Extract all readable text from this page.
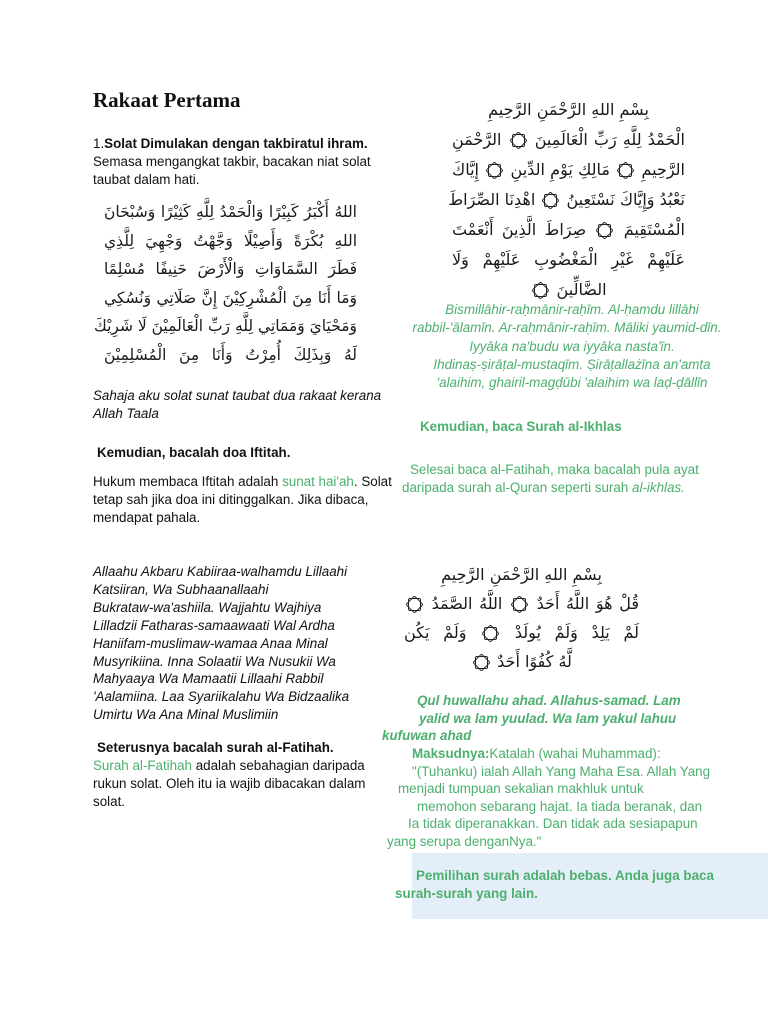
Rakaat Pertama
1.Solat Dimulakan dengan takbiratul ihram. Semasa mengangkat takbir, bacakan niat solat taubat dalam hati.
اللهُ أَكْبَرُ كَبِيْرًا وَالْحَمْدُ لِلَّهِ كَثِيْرًا وَسُبْحَانَ
اللهِ بُكْرَةً وَأَصِيْلًا وَجَّهْتُ وَجْهِيَ لِلَّذِي
فَطَرَ السَّمَاوَاتِ وَالْأَرْضَ حَنِيفًا مُسْلِمًا
وَمَا أَنَا مِنَ الْمُشْرِكِيْنَ إِنَّ صَلَاتِي وَنُسُكِي
وَمَحْيَايَ وَمَمَاتِي لِلَّهِ رَبِّ الْعَالَمِيْنَ لَا شَرِيْكَ
لَهُ وَبِذَلِكَ أُمِرْتُ وَأَنَا مِنَ الْمُسْلِمِيْنَ
Sahaja aku solat sunat taubat dua rakaat kerana Allah Taala
Kemudian, bacalah doa Iftitah.
Hukum membaca Iftitah adalah sunat hai'ah. Solat tetap sah jika doa ini ditinggalkan. Jika dibaca, mendapat pahala.
Allaahu Akbaru Kabiiraa-walhamdu Lillaahi
Katsiiran, Wa Subhaanallaahi
Bukrataw-wa'ashiila. Wajjahtu Wajhiya
Lilladzii Fatharas-samaawaati Wal Ardha
Haniifam-muslimaw-wamaa Anaa Minal
Musyrikiina. Inna Solaatii Wa Nusukii Wa
Mahyaaya Wa Mamaatii Lillaahi Rabbil
'Aalamiina. Laa Syariikalahu Wa Bidzaalika
Umirtu Wa Ana Minal Muslimiin
Seterusnya bacalah surah al-Fatihah.
Surah al-Fatihah adalah sebahagian daripada rukun solat. Oleh itu ia wajib dibacakan dalam solat.
بِسْمِ اللهِ الرَّحْمَنِ الرَّحِيمِ
الْحَمْدُ لِلَّهِ رَبِّ الْعَالَمِينَ  الرَّحْمَنِ
الرَّحِيمِ  مَالِكِ يَوْمِ الدِّينِ  إِيَّاكَ
نَعْبُدُ وَإِيَّاكَ نَسْتَعِينُ  اهْدِنَا الصِّرَاطَ
الْمُسْتَقِيمَ  صِرَاطَ الَّذِينَ أَنْعَمْتَ
عَلَيْهِمْ غَيْرِ الْمَغْضُوبِ عَلَيْهِمْ وَلَا
الضَّالِّينَ
Bismillāhir-raḥmānir-raḥīm. Al-ḥamdu lillāhi
rabbil-'ālamīn. Ar-raḥmānir-raḥīm. Māliki yaumid-dīn.
Iyyāka na'budu wa iyyāka nasta'īn.
Ihdinaṣ-ṣirāṭal-mustaqīm. Ṣirāṭallażīna an'amta
'alaihim, ghairil-magḍūbi 'alaihim wa laḍ-ḍāllīn
Kemudian, baca Surah al-Ikhlas
Selesai baca al-Fatihah, maka bacalah pula ayat
daripada surah al-Quran seperti surah al-ikhlas.
بِسْمِ اللهِ الرَّحْمَنِ الرَّحِيمِ
قُلْ هُوَ اللَّهُ أَحَدٌ  اللَّهُ الصَّمَدُ
لَمْ يَلِدْ وَلَمْ يُولَدْ  وَلَمْ يَكُن
لَّهُ كُفُوًا أَحَدٌ
Qul huwallahu ahad. Allahus-samad. Lam
yalid wa lam yuulad. Wa lam yakul lahuu
kufuwan ahad
Maksudnya:Katalah (wahai Muhammad):
"(Tuhanku) ialah Allah Yang Maha Esa. Allah Yang
menjadi tumpuan sekalian makhluk untuk
memohon sebarang hajat. Ia tiada beranak, dan
Ia tidak diperanakkan. Dan tidak ada sesiapapun
yang serupa denganNya."
Pemilihan surah adalah bebas. Anda juga baca
surah-surah yang lain.
